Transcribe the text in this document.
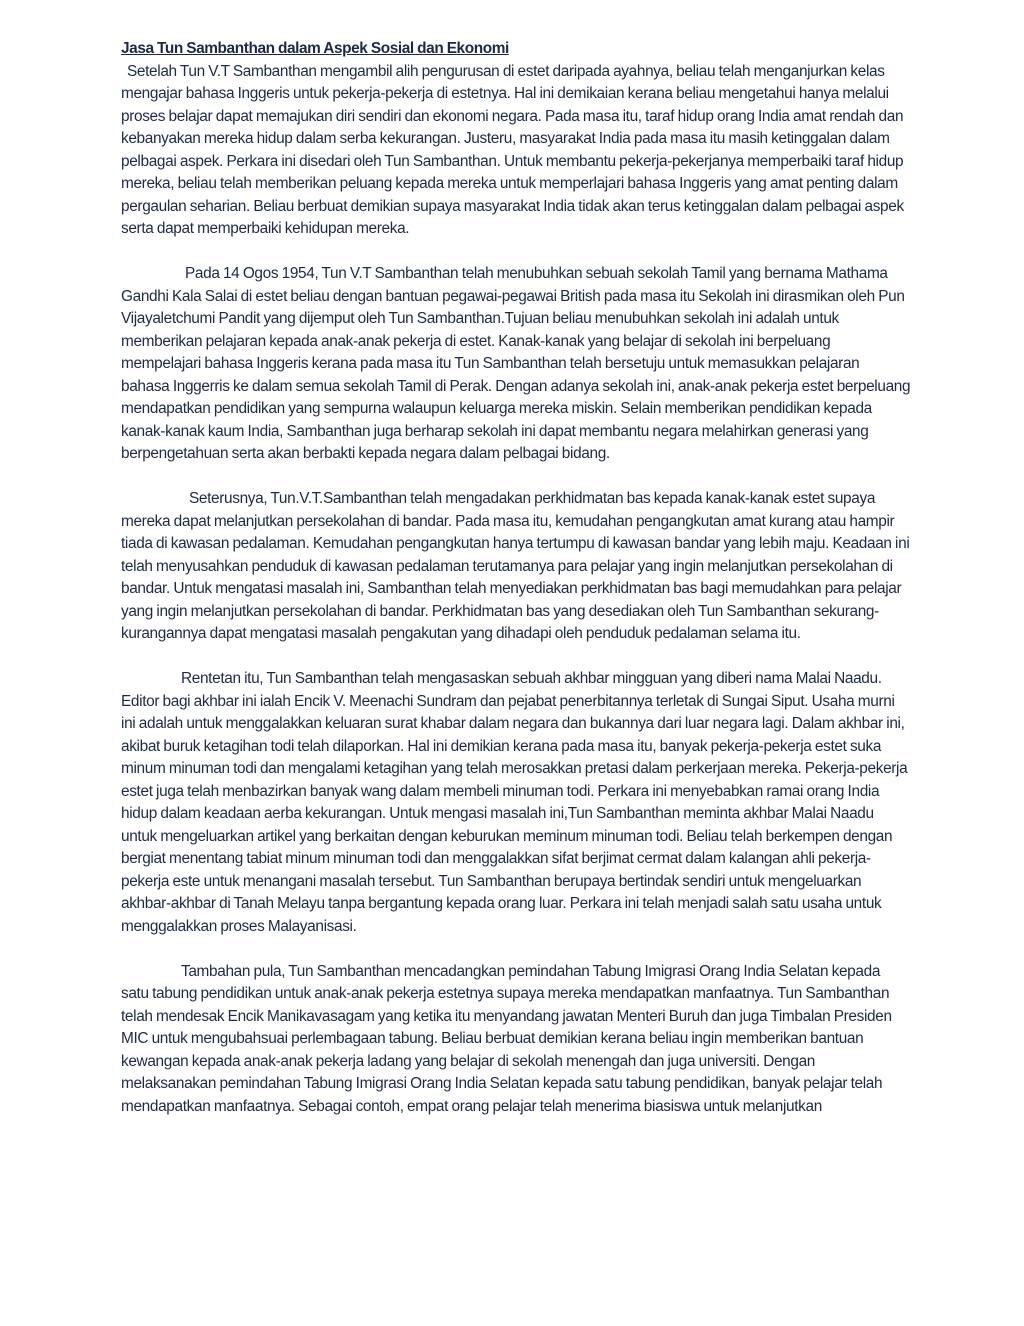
Jasa Tun Sambanthan dalam Aspek Sosial dan Ekonomi

Setelah Tun V.T Sambanthan mengambil alih pengurusan di estet daripada ayahnya, beliau telah menganjurkan kelas mengajar bahasa Inggeris untuk pekerja-pekerja di estetnya. Hal ini demikaian kerana beliau mengetahui hanya melalui proses belajar dapat memajukan diri sendiri dan ekonomi negara. Pada masa itu, taraf hidup orang India amat rendah dan kebanyakan mereka hidup dalam serba kekurangan. Justeru, masyarakat India pada masa itu masih ketinggalan dalam pelbagai aspek. Perkara ini disedari oleh Tun Sambanthan. Untuk membantu pekerja-pekerjanya memperbaiki taraf hidup mereka, beliau telah memberikan peluang kepada mereka untuk memperlajari bahasa Inggeris yang amat penting dalam pergaulan seharian. Beliau berbuat demikian supaya masyarakat India tidak akan terus ketinggalan dalam pelbagai aspek serta dapat memperbaiki kehidupan mereka.

Pada 14 Ogos 1954, Tun V.T Sambanthan telah menubuhkan sebuah sekolah Tamil yang bernama Mathama Gandhi Kala Salai di estet beliau dengan bantuan pegawai-pegawai British pada masa itu Sekolah ini dirasmikan oleh Pun Vijayaletchumi Pandit yang dijemput oleh Tun Sambanthan.Tujuan beliau menubuhkan sekolah ini adalah untuk memberikan pelajaran kepada anak-anak pekerja di estet. Kanak-kanak yang belajar di sekolah ini berpeluang mempelajari bahasa Inggeris kerana pada masa itu Tun Sambanthan telah bersetuju untuk memasukkan pelajaran bahasa Inggerris ke dalam semua sekolah Tamil di Perak. Dengan adanya sekolah ini, anak-anak pekerja estet berpeluang mendapatkan pendidikan yang sempurna walaupun keluarga mereka miskin. Selain memberikan pendidikan kepada kanak-kanak kaum India, Sambanthan juga berharap sekolah ini dapat membantu negara melahirkan generasi yang berpengetahuan serta akan berbakti kepada negara dalam pelbagai bidang.

Seterusnya, Tun.V.T.Sambanthan telah mengadakan perkhidmatan bas kepada kanak-kanak estet supaya mereka dapat melanjutkan persekolahan di bandar. Pada masa itu, kemudahan pengangkutan amat kurang atau hampir tiada di kawasan pedalaman. Kemudahan pengangkutan hanya tertumpu di kawasan bandar yang lebih maju. Keadaan ini telah menyusahkan penduduk di kawasan pedalaman terutamanya para pelajar yang ingin melanjutkan persekolahan di bandar. Untuk mengatasi masalah ini, Sambanthan telah menyediakan perkhidmatan bas bagi memudahkan para pelajar yang ingin melanjutkan persekolahan di bandar. Perkhidmatan bas yang desediakan oleh Tun Sambanthan sekurang-kurangannya dapat mengatasi masalah pengakutan yang dihadapi oleh penduduk pedalaman selama itu.

Rentetan itu, Tun Sambanthan telah mengasaskan sebuah akhbar mingguan yang diberi nama Malai Naadu. Editor bagi akhbar ini ialah Encik V. Meenachi Sundram dan pejabat penerbitannya terletak di Sungai Siput. Usaha murni ini adalah untuk menggalakkan keluaran surat khabar dalam negara dan bukannya dari luar negara lagi. Dalam akhbar ini, akibat buruk ketagihan todi telah dilaporkan. Hal ini demikian kerana pada masa itu, banyak pekerja-pekerja estet suka minum minuman todi dan mengalami ketagihan yang telah merosakkan pretasi dalam perkerjaan mereka. Pekerja-pekerja estet juga telah menbazirkan banyak wang dalam membeli minuman todi. Perkara ini menyebabkan ramai orang India hidup dalam keadaan aerba kekurangan. Untuk mengasi masalah ini,Tun Sambanthan meminta akhbar Malai Naadu untuk mengeluarkan artikel yang berkaitan dengan keburukan meminum minuman todi. Beliau telah berkempen dengan bergiat menentang tabiat minum minuman todi dan menggalakkan sifat berjimat cermat dalam kalangan ahli pekerja-pekerja este untuk menangani masalah tersebut. Tun Sambanthan berupaya bertindak sendiri untuk mengeluarkan akhbar-akhbar di Tanah Melayu tanpa bergantung kepada orang luar. Perkara ini telah menjadi salah satu usaha untuk menggalakkan proses Malayanisasi.

Tambahan pula, Tun Sambanthan mencadangkan pemindahan Tabung Imigrasi Orang India Selatan kepada satu tabung pendidikan untuk anak-anak pekerja estetnya supaya mereka mendapatkan manfaatnya. Tun Sambanthan telah mendesak Encik Manikavasagam yang ketika itu menyandang jawatan Menteri Buruh dan juga Timbalan Presiden MIC untuk mengubahsuai perlembagaan tabung. Beliau berbuat demikian kerana beliau ingin memberikan bantuan kewangan kepada anak-anak pekerja ladang yang belajar di sekolah menengah dan juga universiti. Dengan melaksanakan pemindahan Tabung Imigrasi Orang India Selatan kepada satu tabung pendidikan, banyak pelajar telah mendapatkan manfaatnya. Sebagai contoh, empat orang pelajar telah menerima biasiswa untuk melanjutkan
